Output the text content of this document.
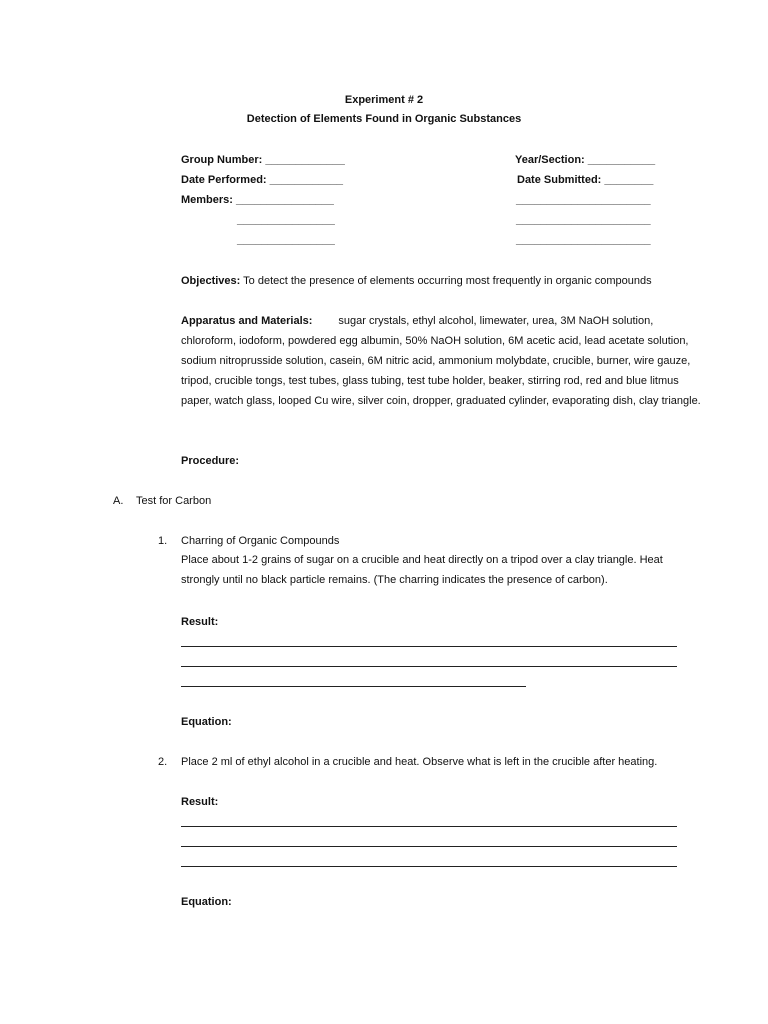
Experiment # 2
Detection of Elements Found in Organic Substances
Group Number: _____________	Year/Section: ___________
Date Performed: ____________	Date Submitted: ________
Members: ________________
________________
________________
______________________
______________________
______________________
Objectives: To detect the presence of elements occurring most frequently in organic compounds
Apparatus and Materials: sugar crystals, ethyl alcohol, limewater, urea, 3M NaOH solution, chloroform, iodoform, powdered egg albumin, 50% NaOH solution, 6M acetic acid, lead acetate solution, sodium nitroprusside solution, casein, 6M nitric acid, ammonium molybdate, crucible, burner, wire gauze, tripod, crucible tongs, test tubes, glass tubing, test tube holder, beaker, stirring rod, red and blue litmus paper, watch glass, looped Cu wire, silver coin, dropper, graduated cylinder, evaporating dish, clay triangle.
Procedure:
A. Test for Carbon
1. Charring of Organic Compounds
Place about 1-2 grains of sugar on a crucible and heat directly on a tripod over a clay triangle. Heat strongly until no black particle remains. (The charring indicates the presence of carbon).
Result:
Equation:
2. Place 2 ml of ethyl alcohol in a crucible and heat. Observe what is left in the crucible after heating.
Result:
Equation:
